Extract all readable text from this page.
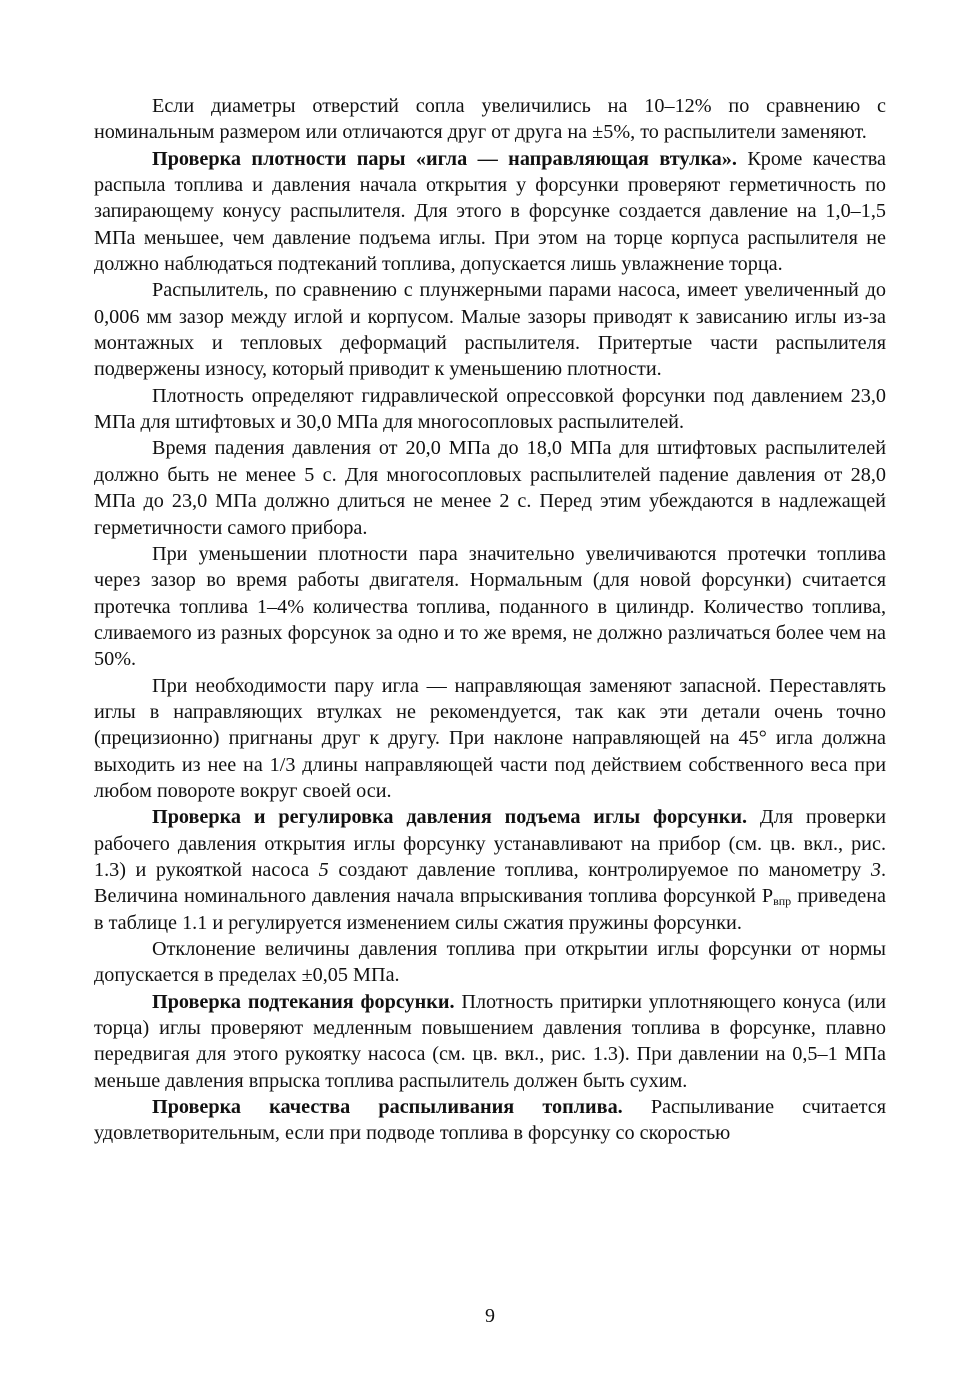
Если диаметры отверстий сопла увеличились на 10–12% по сравнению с номинальным размером или отличаются друг от друга на ±5%, то распылители заменяют.

Проверка плотности пары «игла — направляющая втулка». Кроме качества распыла топлива и давления начала открытия у форсунки проверяют герметичность по запирающему конусу распылителя. Для этого в форсунке создается давление на 1,0–1,5 МПа меньшее, чем давление подъема иглы. При этом на торце корпуса распылителя не должно наблюдаться подтеканий топлива, допускается лишь увлажнение торца.

Распылитель, по сравнению с плунжерными парами насоса, имеет увеличенный до 0,006 мм зазор между иглой и корпусом. Малые зазоры приводят к зависанию иглы из-за монтажных и тепловых деформаций распылителя. Притертые части распылителя подвержены износу, который приводит к уменьшению плотности.

Плотность определяют гидравлической опрессовкой форсунки под давлением 23,0 МПа для штифтовых и 30,0 МПа для многосопловых распылителей.

Время падения давления от 20,0 МПа до 18,0 МПа для штифтовых распылителей должно быть не менее 5 с. Для многосопловых распылителей падение давления от 28,0 МПа до 23,0 МПа должно длиться не менее 2 с. Перед этим убеждаются в надлежащей герметичности самого прибора.

При уменьшении плотности пара значительно увеличиваются протечки топлива через зазор во время работы двигателя. Нормальным (для новой форсунки) считается протечка топлива 1–4% количества топлива, поданного в цилиндр. Количество топлива, сливаемого из разных форсунок за одно и то же время, не должно различаться более чем на 50%.

При необходимости пару игла — направляющая заменяют запасной. Переставлять иглы в направляющих втулках не рекомендуется, так как эти детали очень точно (прецизионно) пригнаны друг к другу. При наклоне направляющей на 45° игла должна выходить из нее на 1/3 длины направляющей части под действием собственного веса при любом повороте вокруг своей оси.

Проверка и регулировка давления подъема иглы форсунки. Для проверки рабочего давления открытия иглы форсунку устанавливают на прибор (см. цв. вкл., рис. 1.3) и рукояткой насоса 5 создают давление топлива, контролируемое по манометру 3. Величина номинального давления начала впрыскивания топлива форсункой $Р_{впр}$ приведена в таблице 1.1 и регулируется изменением силы сжатия пружины форсунки.

Отклонение величины давления топлива при открытии иглы форсунки от нормы допускается в пределах ±0,05 МПа.

Проверка подтекания форсунки. Плотность притирки уплотняющего конуса (или торца) иглы проверяют медленным повышением давления топлива в форсунке, плавно передвигая для этого рукоятку насоса (см. цв. вкл., рис. 1.3). При давлении на 0,5–1 МПа меньше давления впрыска топлива распылитель должен быть сухим.

Проверка качества распыливания топлива. Распыливание считается удовлетворительным, если при подводе топлива в форсунку со скоростью

9
